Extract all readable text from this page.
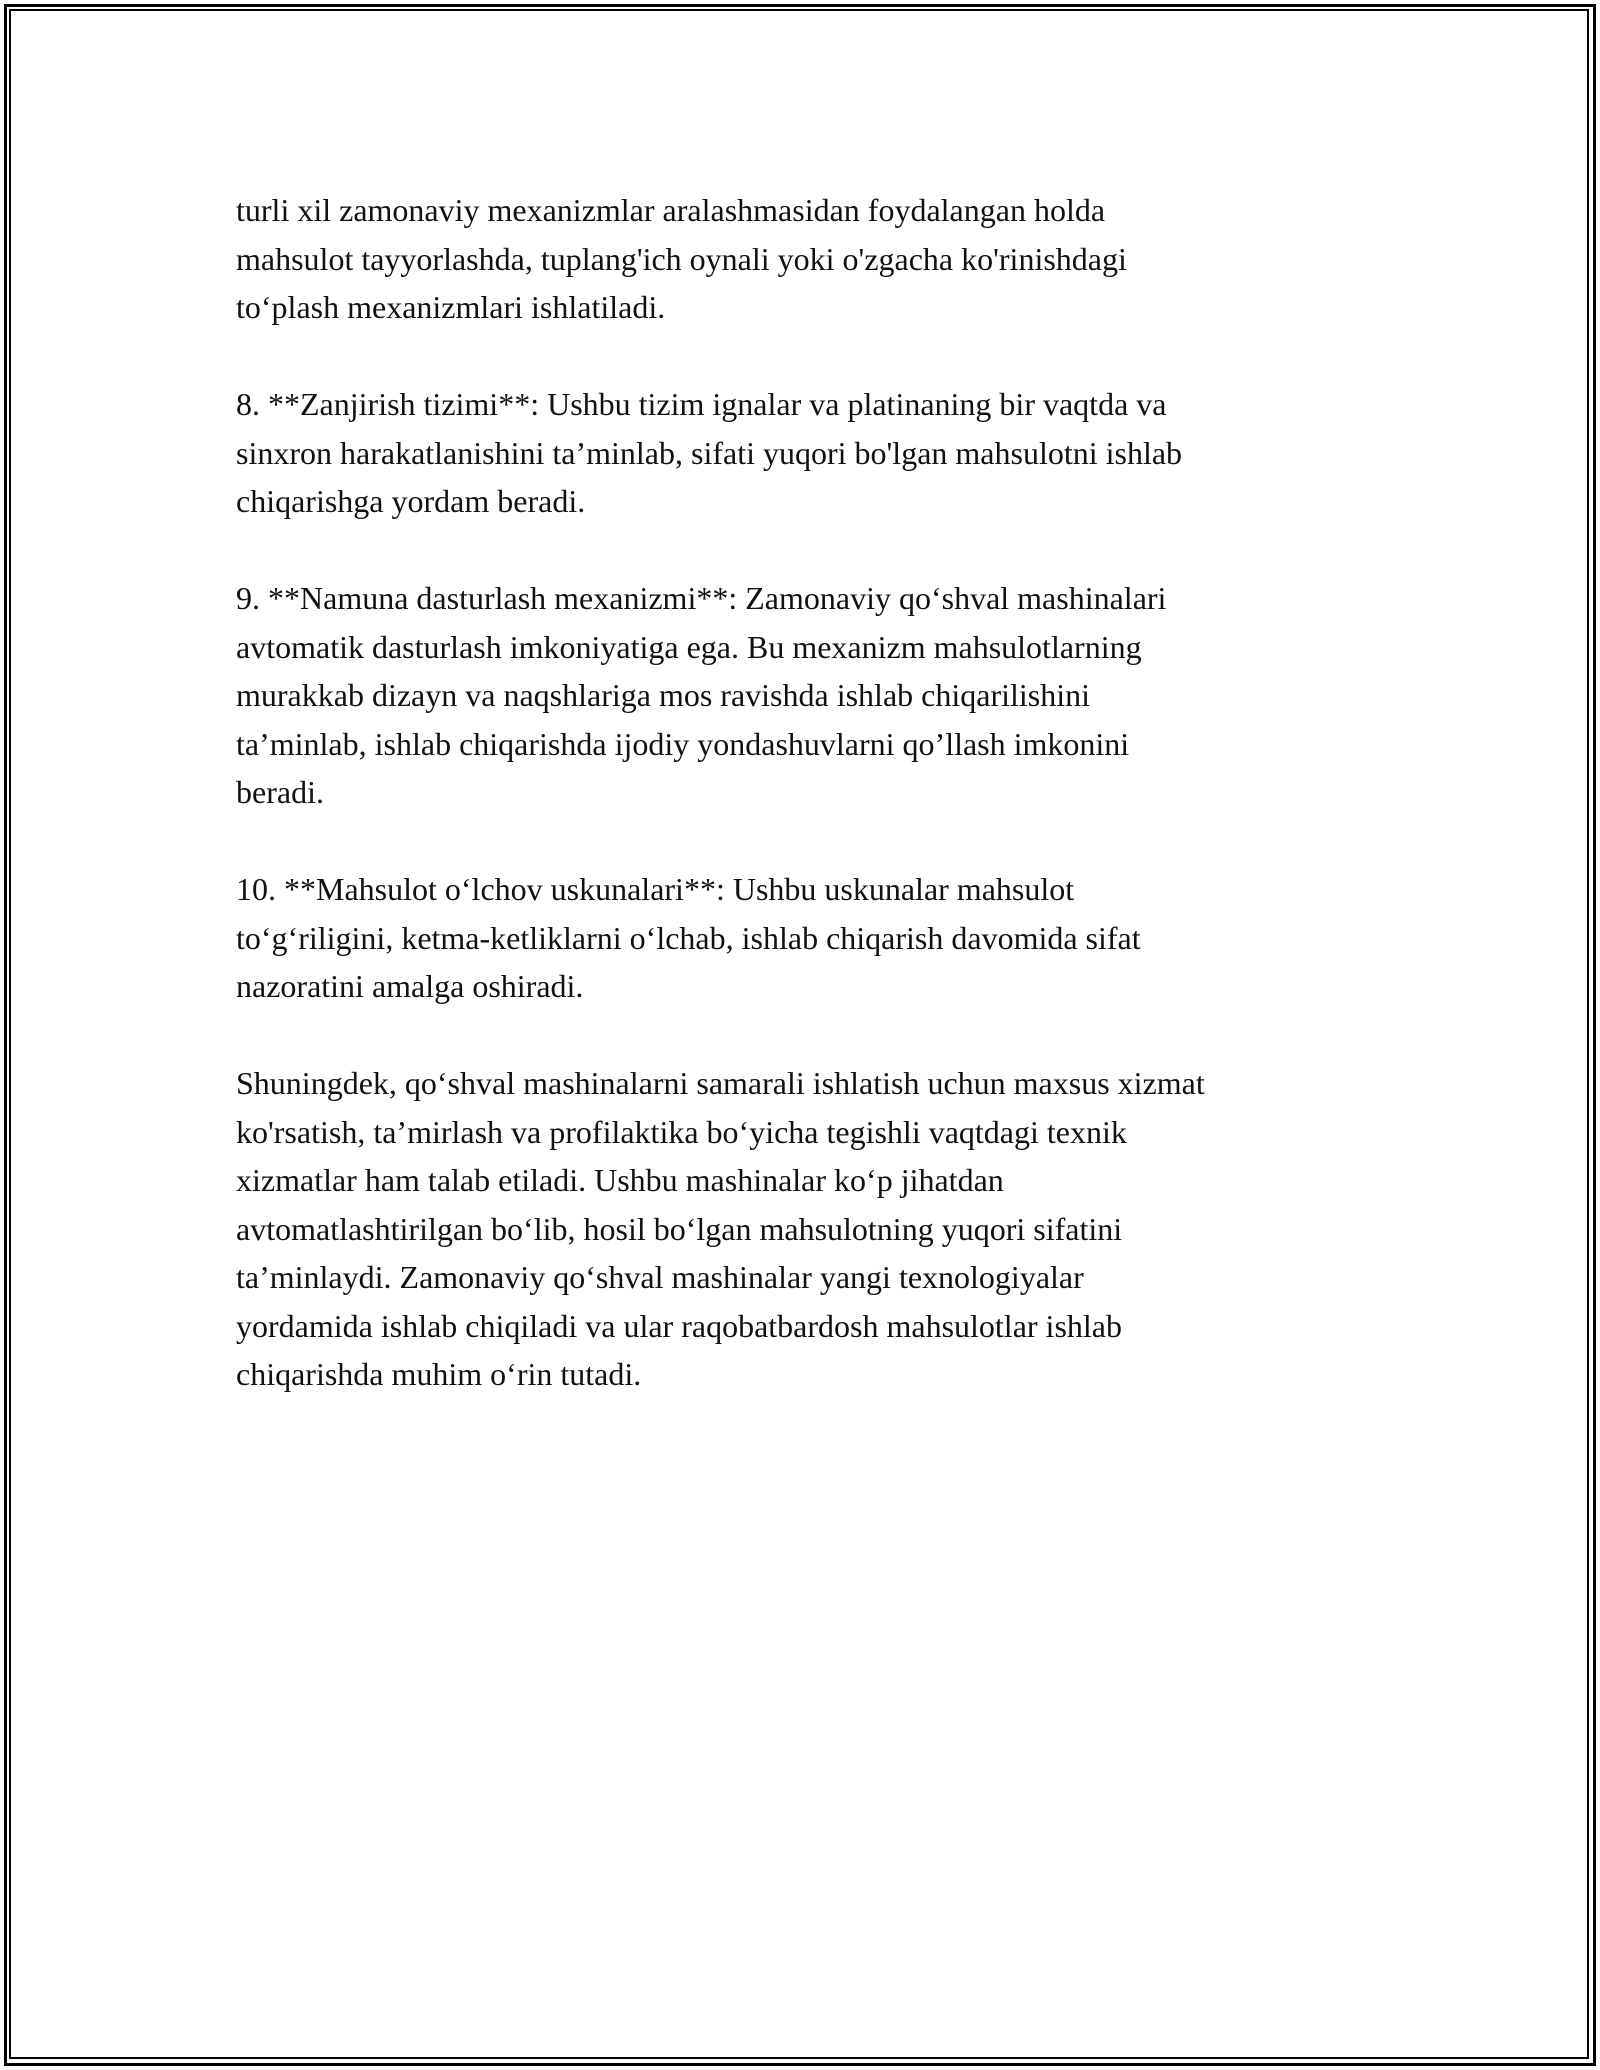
turli xil zamonaviy mexanizmlar aralashmasidan foydalangan holda
mahsulot tayyorlashda, tuplang'ich oynali yoki o'zgacha ko'rinishdagi
to‘plash mexanizmlari ishlatiladi.

8. **Zanjirish tizimi**: Ushbu tizim ignalar va platinaning bir vaqtda va
sinxron harakatlanishini ta’minlab, sifati yuqori bo'lgan mahsulotni ishlab
chiqarishga yordam beradi.

9. **Namuna dasturlash mexanizmi**: Zamonaviy qo‘shval mashinalari
avtomatik dasturlash imkoniyatiga ega. Bu mexanizm mahsulotlarning
murakkab dizayn va naqshlariga mos ravishda ishlab chiqarilishini
ta’minlab, ishlab chiqarishda ijodiy yondashuvlarni qo’llash imkonini
beradi.

10. **Mahsulot o‘lchov uskunalari**: Ushbu uskunalar mahsulot
to‘g‘riligini, ketma-ketliklarni o‘lchab, ishlab chiqarish davomida sifat
nazoratini amalga oshiradi.

Shuningdek, qo‘shval mashinalarni samarali ishlatish uchun maxsus xizmat
ko'rsatish, ta’mirlash va profilaktika bo‘yicha tegishli vaqtdagi texnik
xizmatlar ham talab etiladi. Ushbu mashinalar ko‘p jihatdan
avtomatlashtirilgan bo‘lib, hosil bo‘lgan mahsulotning yuqori sifatini
ta’minlaydi. Zamonaviy qo‘shval mashinalar yangi texnologiyalar
yordamida ishlab chiqiladi va ular raqobatbardosh mahsulotlar ishlab
chiqarishda muhim o‘rin tutadi.
